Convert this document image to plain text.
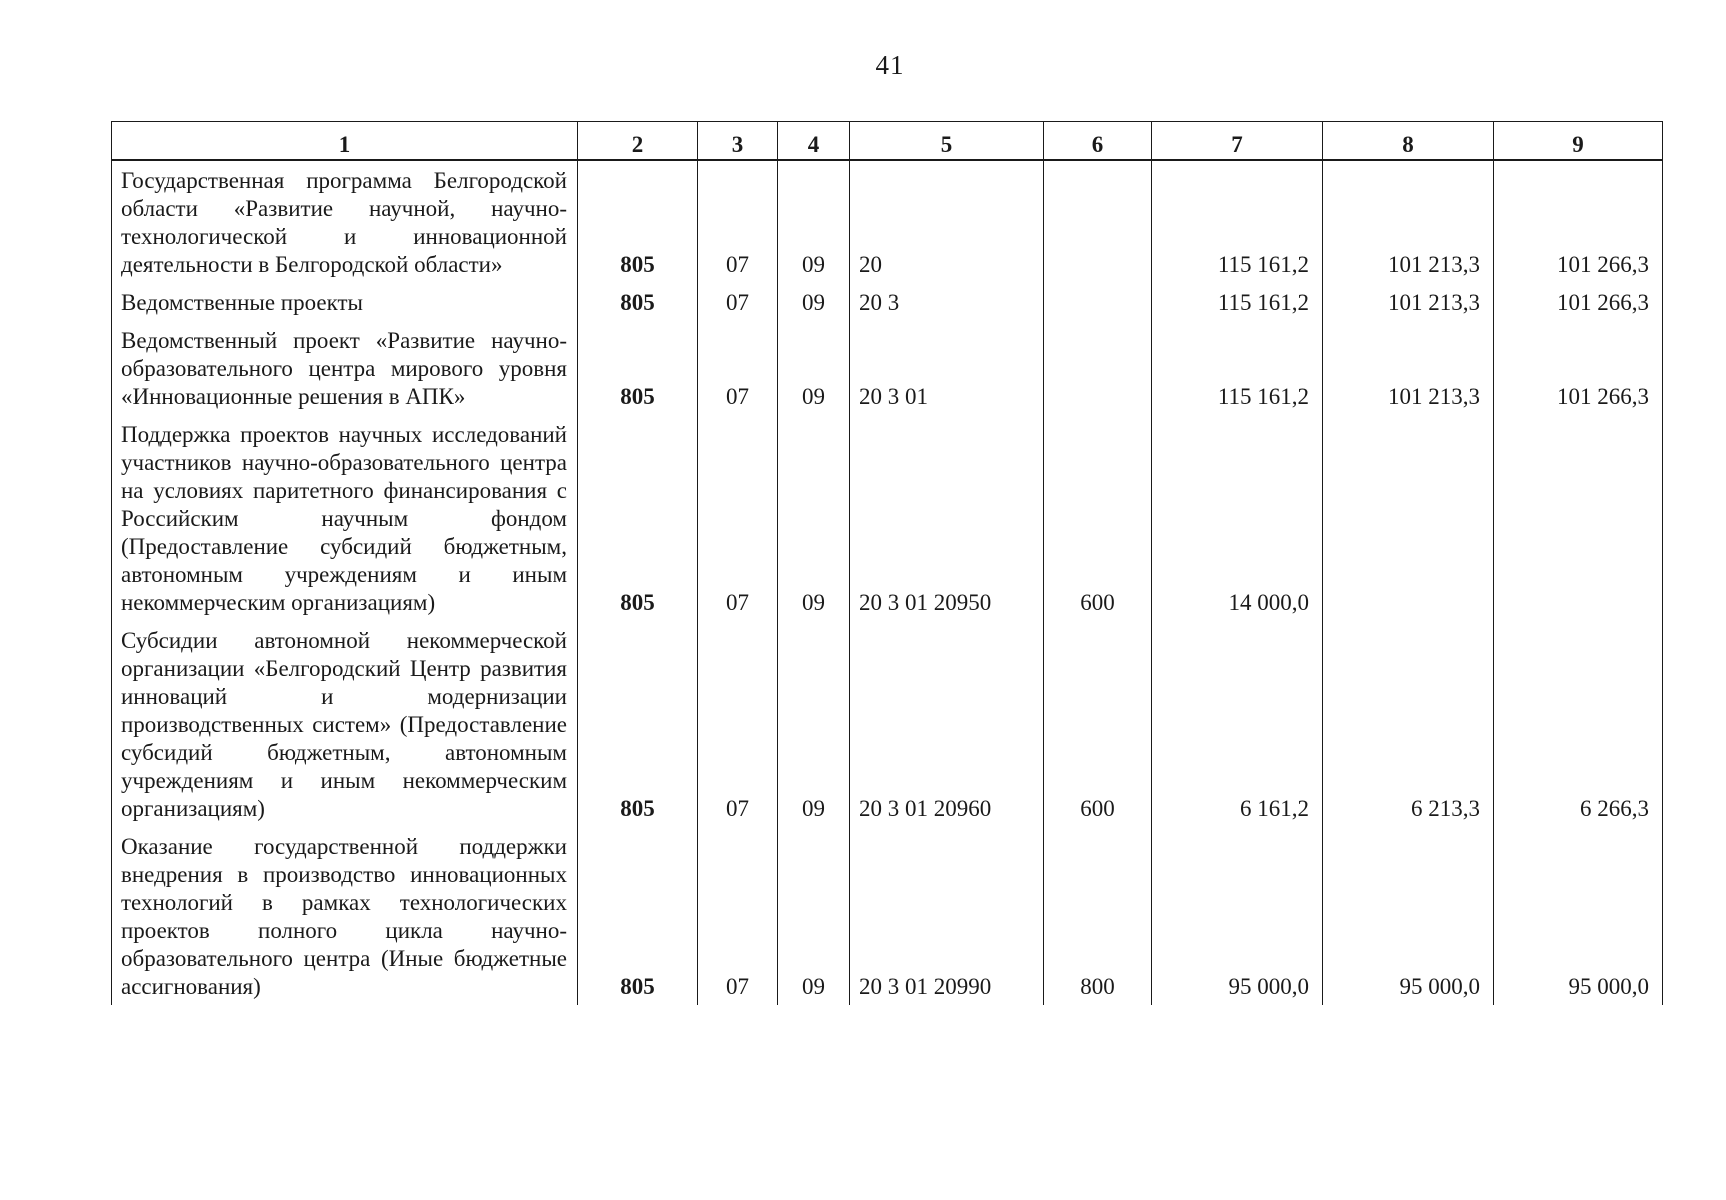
41
1	2	3	4	5	6	7	8	9
Государственная программа Белгородской области «Развитие научной, научно-технологической и инновационной деятельности в Белгородской области»	805	07	09	20		115 161,2	101 213,3	101 266,3
Ведомственные проекты	805	07	09	20 3		115 161,2	101 213,3	101 266,3
Ведомственный проект «Развитие научно-образовательного центра мирового уровня «Инновационные решения в АПК»	805	07	09	20 3 01		115 161,2	101 213,3	101 266,3
Поддержка проектов научных исследований участников научно-образовательного центра на условиях паритетного финансирования с Российским научным фондом (Предоставление субсидий бюджетным, автономным учреждениям и иным некоммерческим организациям)	805	07	09	20 3 01 20950	600	14 000,0		
Субсидии автономной некоммерческой организации «Белгородский Центр развития инноваций и модернизации производственных систем» (Предоставление субсидий бюджетным, автономным учреждениям и иным некоммерческим организациям)	805	07	09	20 3 01 20960	600	6 161,2	6 213,3	6 266,3
Оказание государственной поддержки внедрения в производство инновационных технологий в рамках технологических проектов полного цикла научно-образовательного центра (Иные бюджетные ассигнования)	805	07	09	20 3 01 20990	800	95 000,0	95 000,0	95 000,0
